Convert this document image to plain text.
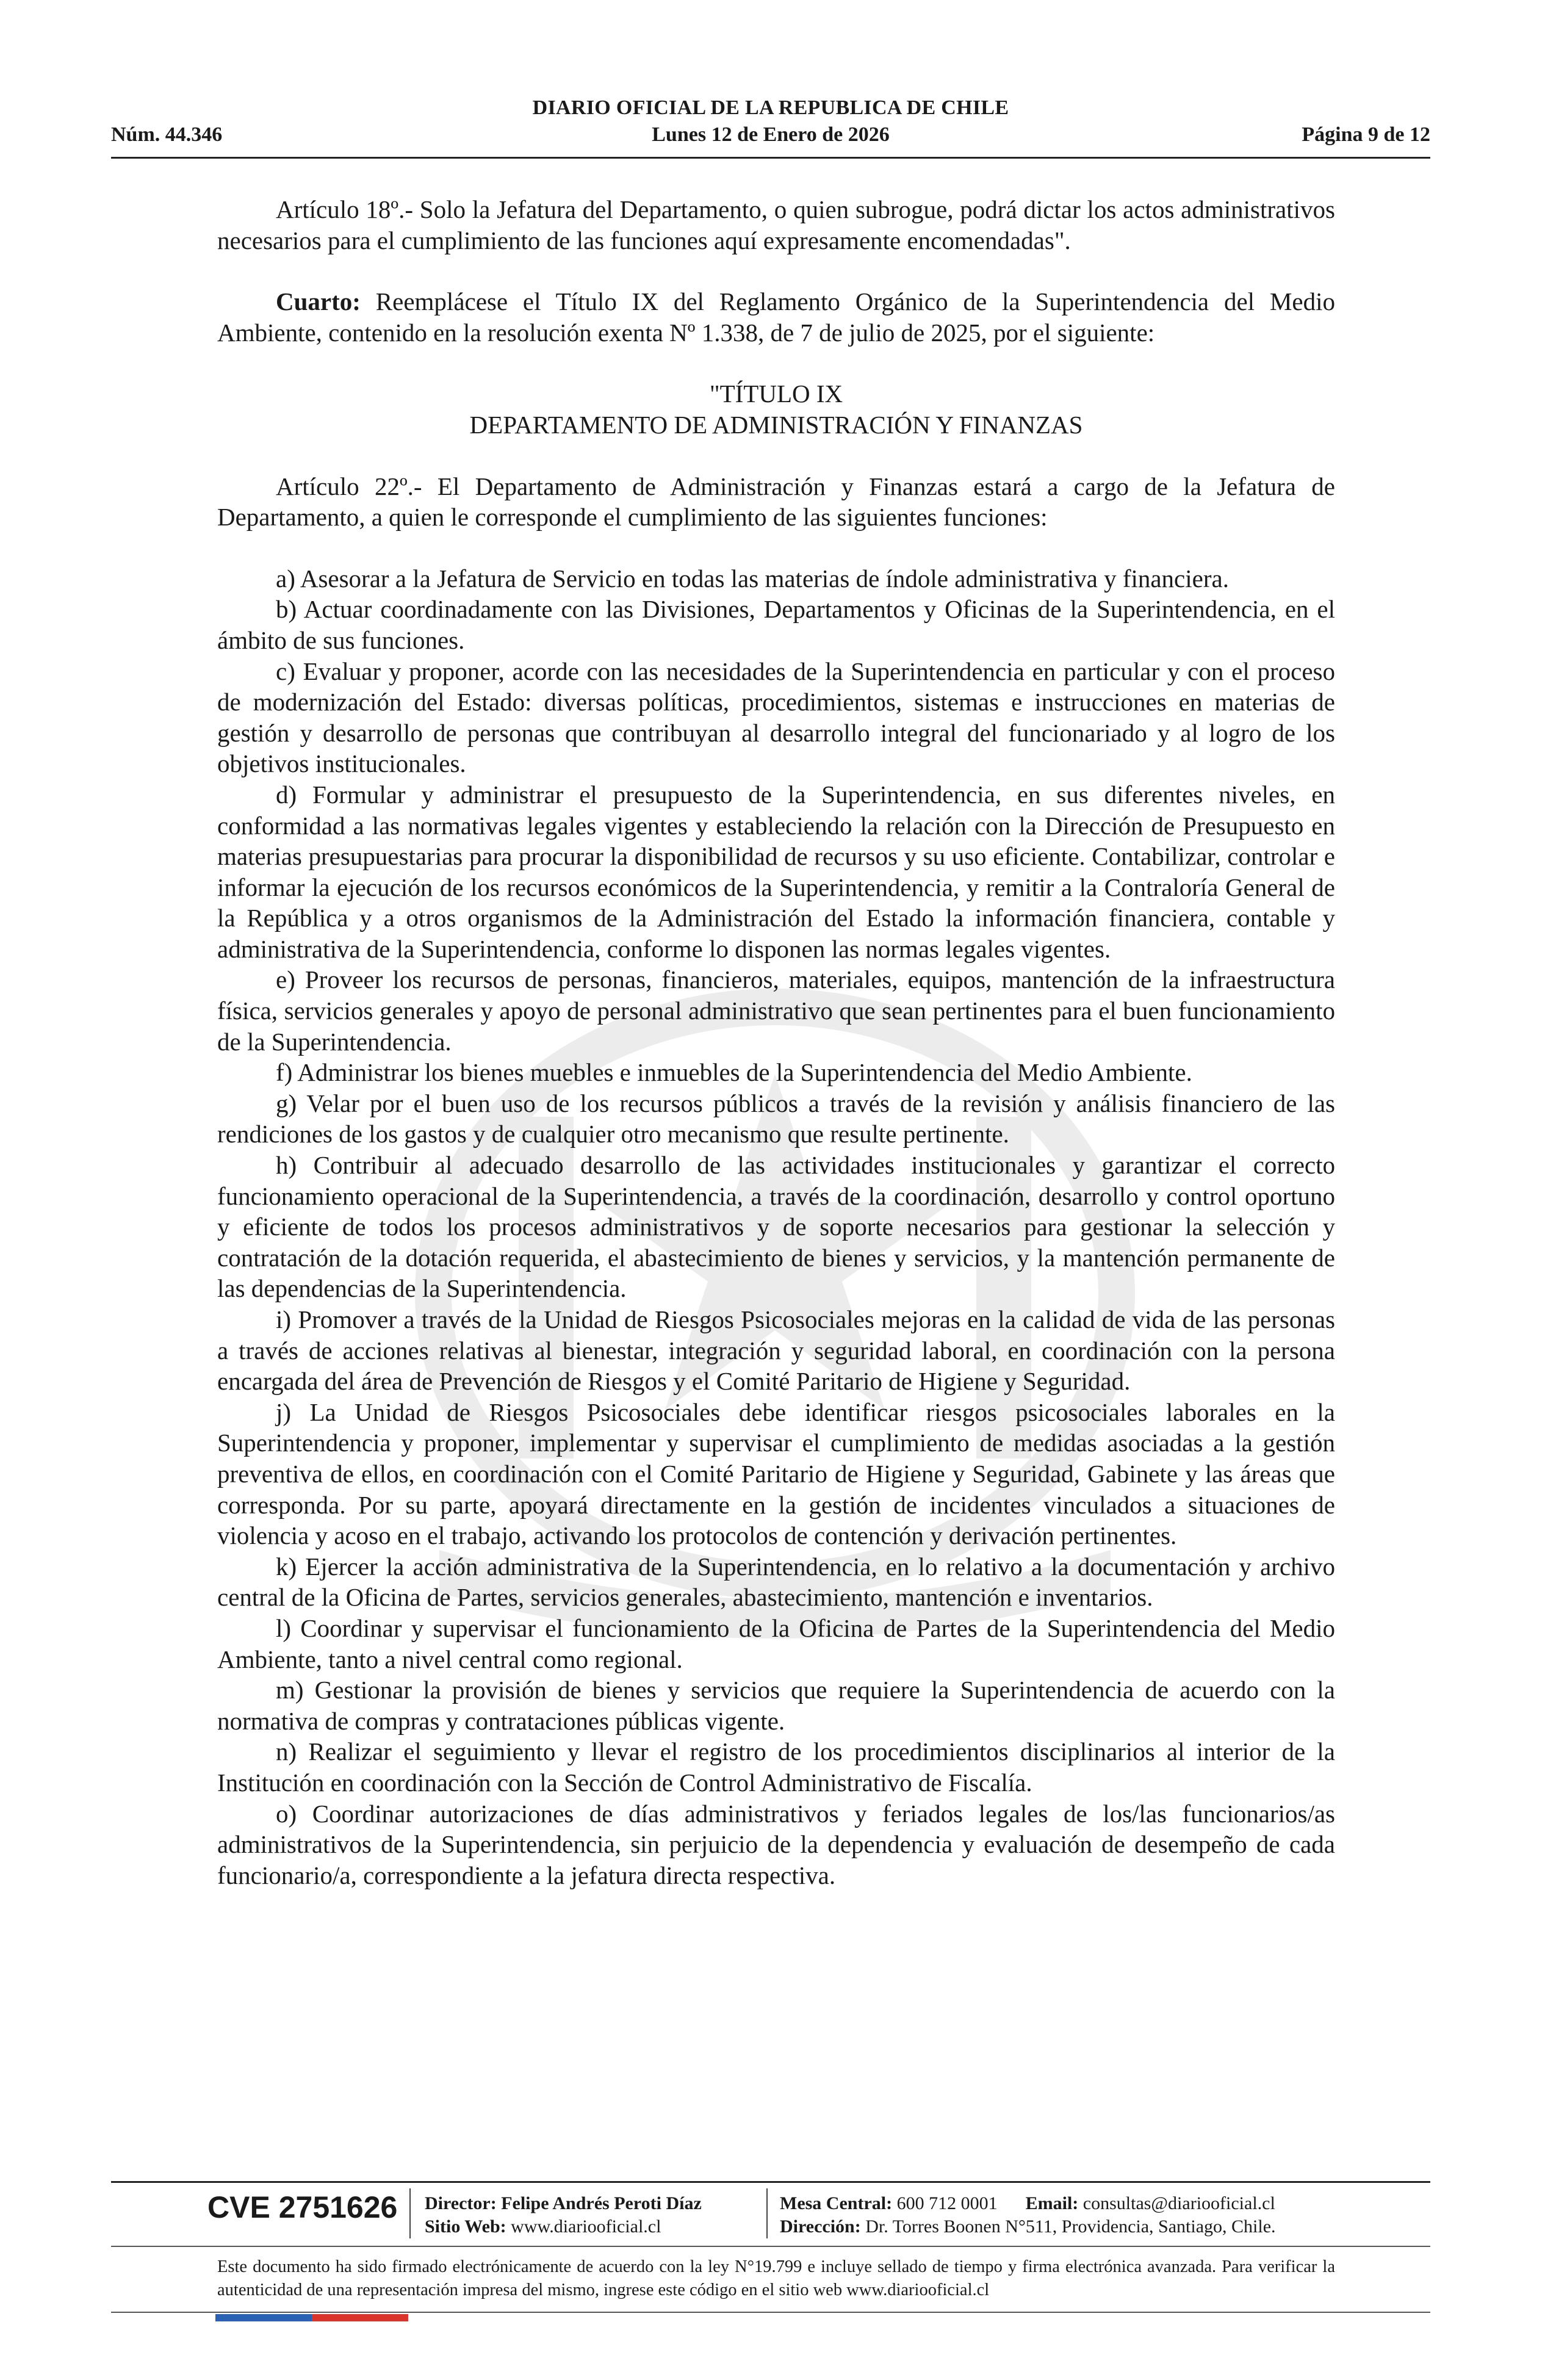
DIARIO OFICIAL DE LA REPUBLICA DE CHILE
Núm. 44.346	Lunes 12 de Enero de 2026	Página 9 de 12

Artículo 18º.- Solo la Jefatura del Departamento, o quien subrogue, podrá dictar los actos administrativos necesarios para el cumplimiento de las funciones aquí expresamente encomendadas".

Cuarto: Reemplácese el Título IX del Reglamento Orgánico de la Superintendencia del Medio Ambiente, contenido en la resolución exenta Nº 1.338, de 7 de julio de 2025, por el siguiente:

"TÍTULO IX

DEPARTAMENTO DE ADMINISTRACIÓN Y FINANZAS

Artículo 22º.- El Departamento de Administración y Finanzas estará a cargo de la Jefatura de Departamento, a quien le corresponde el cumplimiento de las siguientes funciones:

a) Asesorar a la Jefatura de Servicio en todas las materias de índole administrativa y financiera.
b) Actuar coordinadamente con las Divisiones, Departamentos y Oficinas de la Superintendencia, en el ámbito de sus funciones.
c) Evaluar y proponer, acorde con las necesidades de la Superintendencia en particular y con el proceso de modernización del Estado: diversas políticas, procedimientos, sistemas e instrucciones en materias de gestión y desarrollo de personas que contribuyan al desarrollo integral del funcionariado y al logro de los objetivos institucionales.
d) Formular y administrar el presupuesto de la Superintendencia, en sus diferentes niveles, en conformidad a las normativas legales vigentes y estableciendo la relación con la Dirección de Presupuesto en materias presupuestarias para procurar la disponibilidad de recursos y su uso eficiente. Contabilizar, controlar e informar la ejecución de los recursos económicos de la Superintendencia, y remitir a la Contraloría General de la República y a otros organismos de la Administración del Estado la información financiera, contable y administrativa de la Superintendencia, conforme lo disponen las normas legales vigentes.
e) Proveer los recursos de personas, financieros, materiales, equipos, mantención de la infraestructura física, servicios generales y apoyo de personal administrativo que sean pertinentes para el buen funcionamiento de la Superintendencia.
f) Administrar los bienes muebles e inmuebles de la Superintendencia del Medio Ambiente.
g) Velar por el buen uso de los recursos públicos a través de la revisión y análisis financiero de las rendiciones de los gastos y de cualquier otro mecanismo que resulte pertinente.
h) Contribuir al adecuado desarrollo de las actividades institucionales y garantizar el correcto funcionamiento operacional de la Superintendencia, a través de la coordinación, desarrollo y control oportuno y eficiente de todos los procesos administrativos y de soporte necesarios para gestionar la selección y contratación de la dotación requerida, el abastecimiento de bienes y servicios, y la mantención permanente de las dependencias de la Superintendencia.
i) Promover a través de la Unidad de Riesgos Psicosociales mejoras en la calidad de vida de las personas a través de acciones relativas al bienestar, integración y seguridad laboral, en coordinación con la persona encargada del área de Prevención de Riesgos y el Comité Paritario de Higiene y Seguridad.
j) La Unidad de Riesgos Psicosociales debe identificar riesgos psicosociales laborales en la Superintendencia y proponer, implementar y supervisar el cumplimiento de medidas asociadas a la gestión preventiva de ellos, en coordinación con el Comité Paritario de Higiene y Seguridad, Gabinete y las áreas que corresponda. Por su parte, apoyará directamente en la gestión de incidentes vinculados a situaciones de violencia y acoso en el trabajo, activando los protocolos de contención y derivación pertinentes.
k) Ejercer la acción administrativa de la Superintendencia, en lo relativo a la documentación y archivo central de la Oficina de Partes, servicios generales, abastecimiento, mantención e inventarios.
l) Coordinar y supervisar el funcionamiento de la Oficina de Partes de la Superintendencia del Medio Ambiente, tanto a nivel central como regional.
m) Gestionar la provisión de bienes y servicios que requiere la Superintendencia de acuerdo con la normativa de compras y contrataciones públicas vigente.
n) Realizar el seguimiento y llevar el registro de los procedimientos disciplinarios al interior de la Institución en coordinación con la Sección de Control Administrativo de Fiscalía.
o) Coordinar autorizaciones de días administrativos y feriados legales de los/las funcionarios/as administrativos de la Superintendencia, sin perjuicio de la dependencia y evaluación de desempeño de cada funcionario/a, correspondiente a la jefatura directa respectiva.
CVE 2751626 Director: Felipe Andrés Peroti Díaz
Sitio Web: www.diariooficial.cl
Mesa Central: 600 712 0001 Email: consultas@diariooficial.cl
Dirección: Dr. Torres Boonen N°511, Providencia, Santiago, Chile.
Este documento ha sido firmado electrónicamente de acuerdo con la ley N°19.799 e incluye sellado de tiempo y firma electrónica avanzada. Para verificar la autenticidad de una representación impresa del mismo, ingrese este código en el sitio web www.diariooficial.cl
